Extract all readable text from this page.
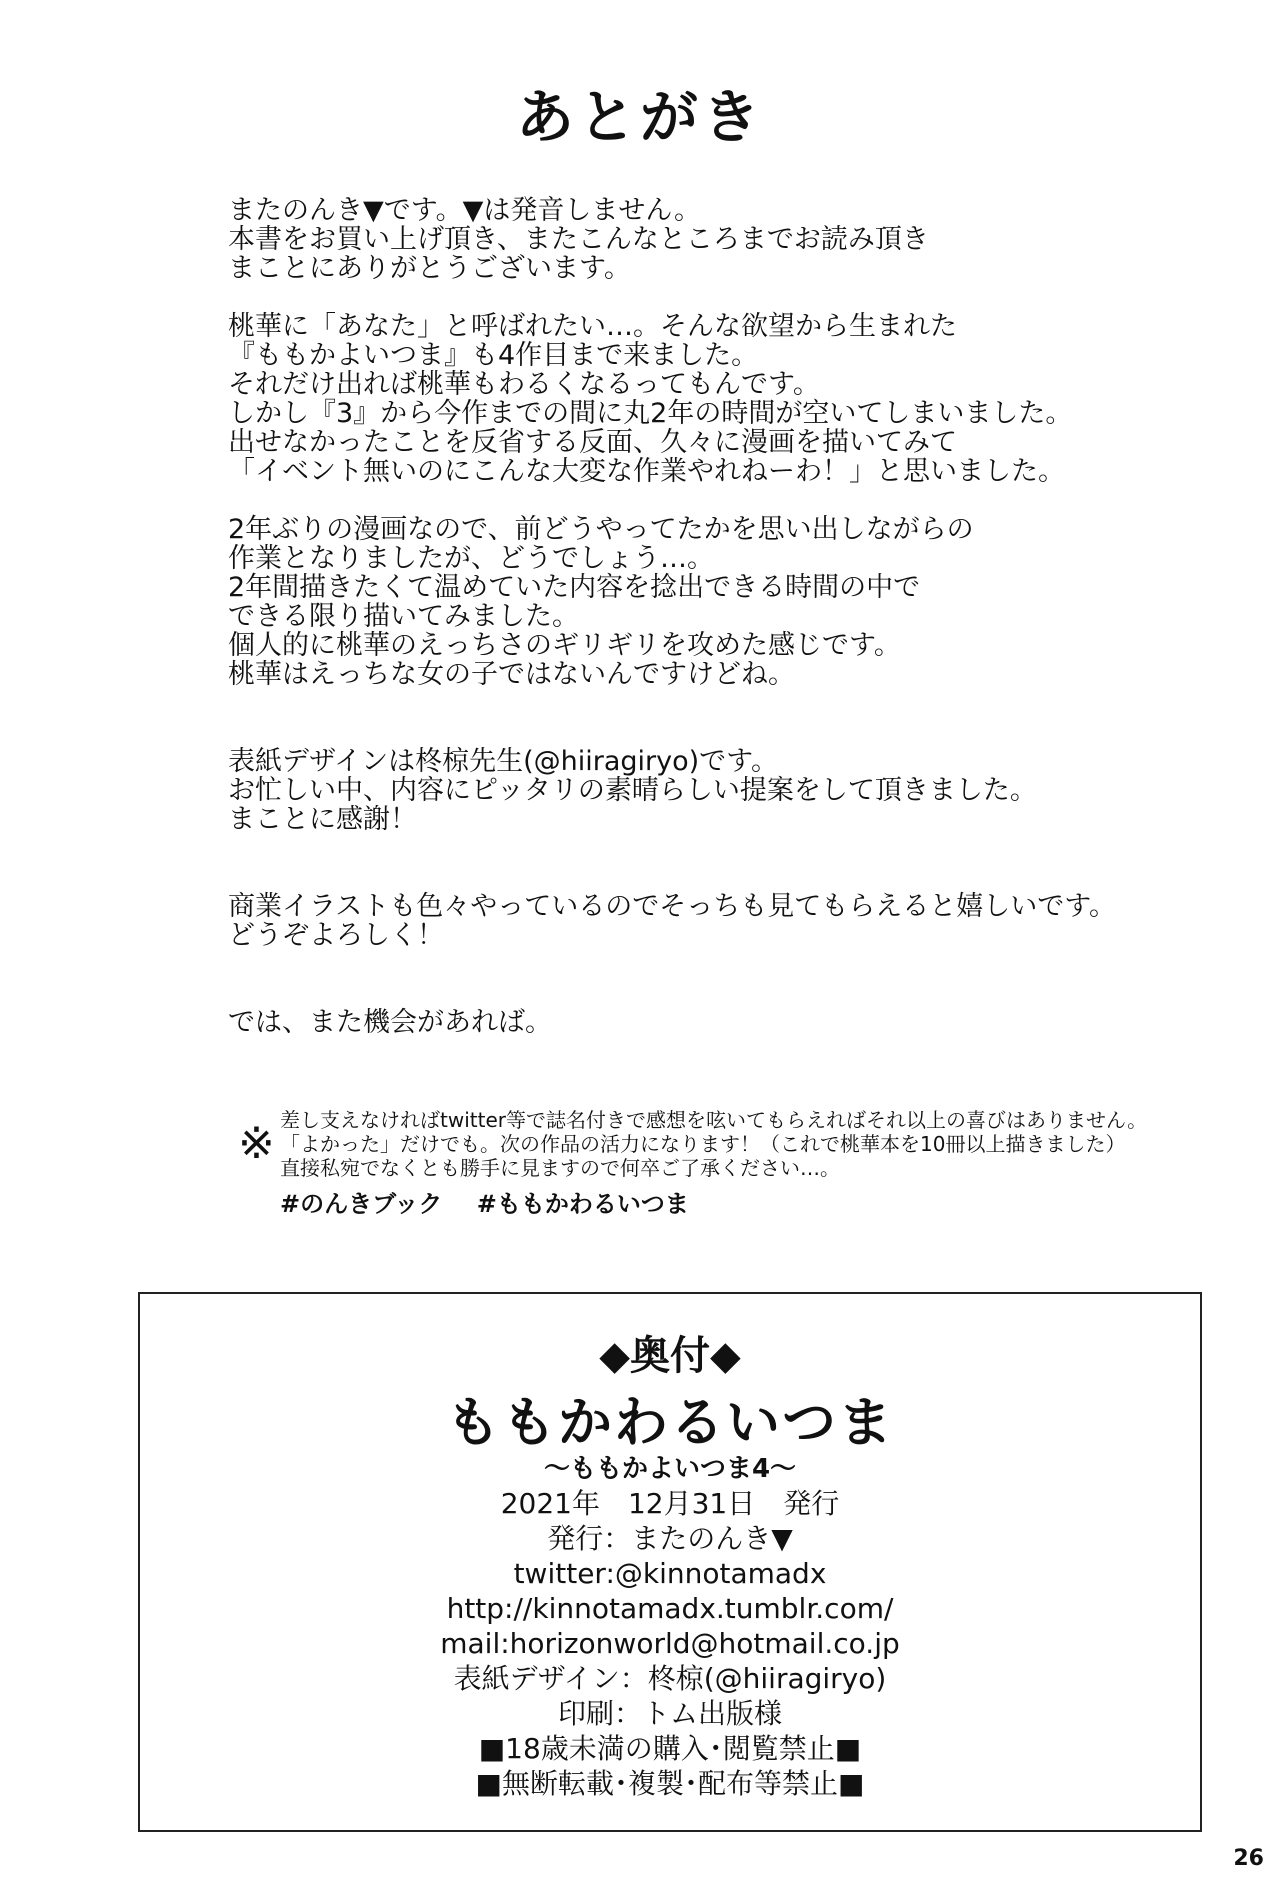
あとがき
またのんき▼です。▼は発音しません。
本書をお買い上げ頂き、またこんなところまでお読み頂き
まことにありがとうございます。
桃華に「あなた」と呼ばれたい…。そんな欲望から生まれた
『ももかよいつま』も4作目まで来ました。
それだけ出れば桃華もわるくなるってもんです。
しかし『3』から今作までの間に丸2年の時間が空いてしまいました。
出せなかったことを反省する反面、久々に漫画を描いてみて
「イベント無いのにこんな大変な作業やれねーわ！」と思いました。
2年ぶりの漫画なので、前どうやってたかを思い出しながらの
作業となりましたが、どうでしょう…。
2年間描きたくて温めていた内容を捻出できる時間の中で
できる限り描いてみました。
個人的に桃華のえっちさのギリギリを攻めた感じです。
桃華はえっちな女の子ではないんですけどね。
表紙デザインは柊椋先生(@hiiragiryo)です。
お忙しい中、内容にピッタリの素晴らしい提案をして頂きました。
まことに感謝！
商業イラストも色々やっているのでそっちも見てもらえると嬉しいです。
どうぞよろしく！
では、また機会があれば。
※ 差し支えなければtwitter等で誌名付きで感想を呟いてもらえればそれ以上の喜びはありません。
「よかった」だけでも。次の作品の活力になります！（これで桃華本を10冊以上描きました）
直接私宛でなくとも勝手に見ますので何卒ご了承ください…。
#のんきブック #ももかわるいつま
◆奥付◆
ももかわるいつま
〜ももかよいつま4〜
2021年　12月31日　発行
発行：またのんき▼
twitter:@kinnotamadx
http://kinnotamadx.tumblr.com/
mail:horizonworld@hotmail.co.jp
表紙デザイン：柊椋(@hiiragiryo)
印刷：トム出版様
■18歳未満の購入･閲覧禁止■
■無断転載･複製･配布等禁止■
26
